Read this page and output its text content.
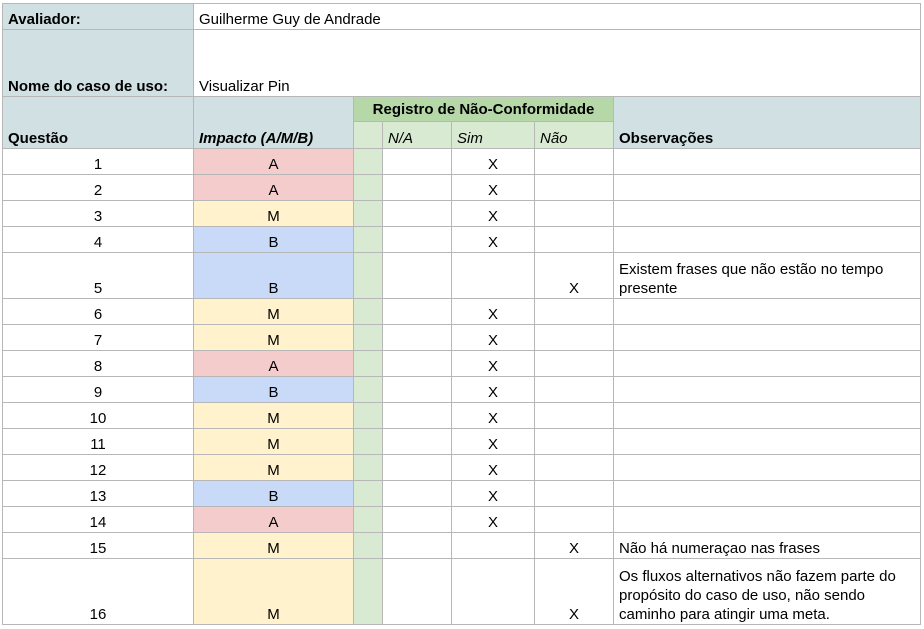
Avaliador:	Guilherme Guy de Andrade					
Nome do caso de uso:	Visualizar Pin					
Questão	Impacto (A/M/B)	Registro de Não-Conformidade				Observações
			N/A	Sim	Não	
1	A			X		
2	A			X		
3	M			X		
4	B			X		
5	B				X	Existem frases que não estão no tempo presente
6	M			X		
7	M			X		
8	A			X		
9	B			X		
10	M			X		
11	M			X		
12	M			X		
13	B			X		
14	A			X		
15	M				X	Não há numeraçao nas frases
16	M				X	Os fluxos alternativos não fazem parte do propósito do caso de uso, não sendo caminho para atingir uma meta.
